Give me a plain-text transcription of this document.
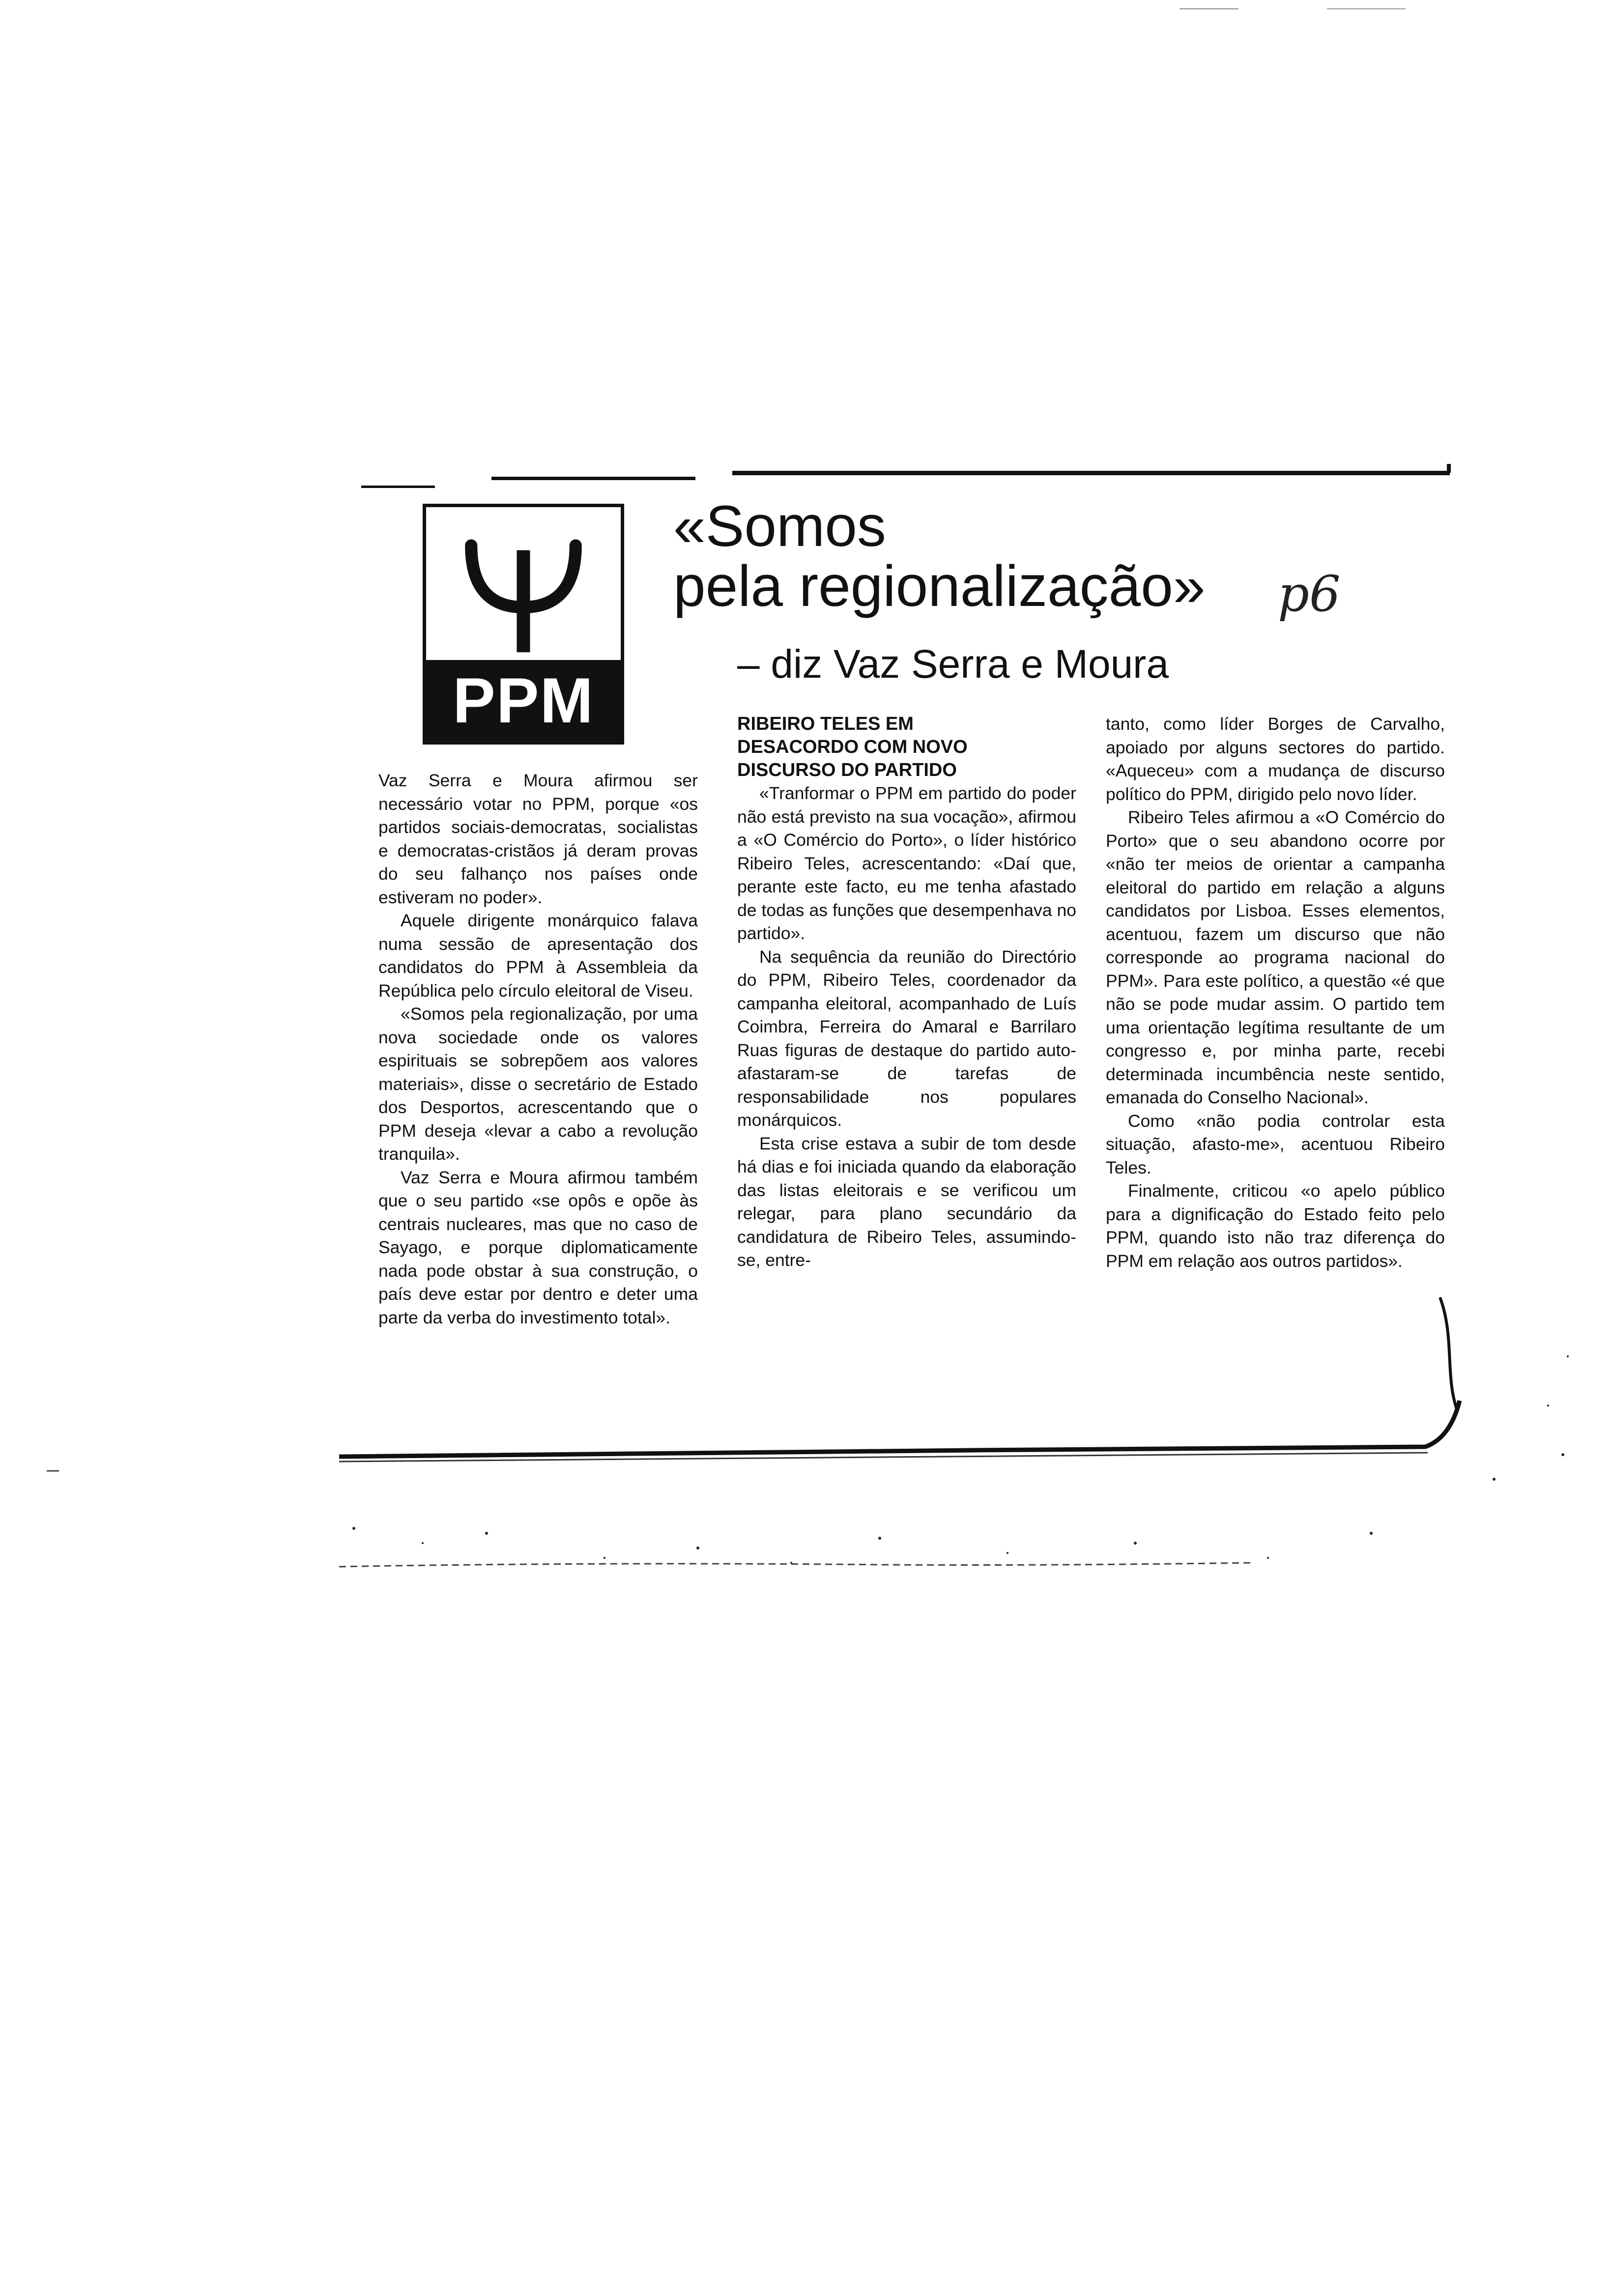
PPM
«Somos
pela regionalização» p6
– diz Vaz Serra e Moura

Vaz Serra e Moura afirmou ser necessário votar no PPM, porque «os partidos sociais-democratas, socialistas e democratas-cristãos já deram provas do seu falhanço nos países onde estiveram no poder».

Aquele dirigente monárquico falava numa sessão de apresentação dos candidatos do PPM à Assembleia da República pelo círculo eleitoral de Viseu.

«Somos pela regionalização, por uma nova sociedade onde os valores espirituais se sobrepõem aos valores materiais», disse o secretário de Estado dos Desportos, acrescentando que o PPM deseja «levar a cabo a revolução tranquila».

Vaz Serra e Moura afirmou também que o seu partido «se opôs e opõe às centrais nucleares, mas que no caso de Sayago, e porque diplomaticamente nada pode obstar à sua construção, o país deve estar por dentro e deter uma parte da verba do investimento total».

RIBEIRO TELES EM DESACORDO COM NOVO DISCURSO DO PARTIDO

«Tranformar o PPM em partido do poder não está previsto na sua vocação», afirmou a «O Comércio do Porto», o líder histórico Ribeiro Teles, acrescentando: «Daí que, perante este facto, eu me tenha afastado de todas as funções que desempenhava no partido».

Na sequência da reunião do Directório do PPM, Ribeiro Teles, coordenador da campanha eleitoral, acompanhado de Luís Coimbra, Ferreira do Amaral e Barrilaro Ruas figuras de destaque do partido auto-afastaram-se de tarefas de responsabilidade nos populares monárquicos.

Esta crise estava a subir de tom desde há dias e foi iniciada quando da elaboração das listas eleitorais e se verificou um relegar, para plano secundário da candidatura de Ribeiro Teles, assumindo-se, entre-

tanto, como líder Borges de Carvalho, apoiado por alguns sectores do partido. «Aqueceu» com a mudança de discurso político do PPM, dirigido pelo novo líder.

Ribeiro Teles afirmou a «O Comércio do Porto» que o seu abandono ocorre por «não ter meios de orientar a campanha eleitoral do partido em relação a alguns candidatos por Lisboa. Esses elementos, acentuou, fazem um discurso que não corresponde ao programa nacional do PPM». Para este político, a questão «é que não se pode mudar assim. O partido tem uma orientação legítima resultante de um congresso e, por minha parte, recebi determinada incumbência neste sentido, emanada do Conselho Nacional».

Como «não podia controlar esta situação, afasto-me», acentuou Ribeiro Teles.

Finalmente, criticou «o apelo público para a dignificação do Estado feito pelo PPM, quando isto não traz diferença do PPM em relação aos outros partidos».
